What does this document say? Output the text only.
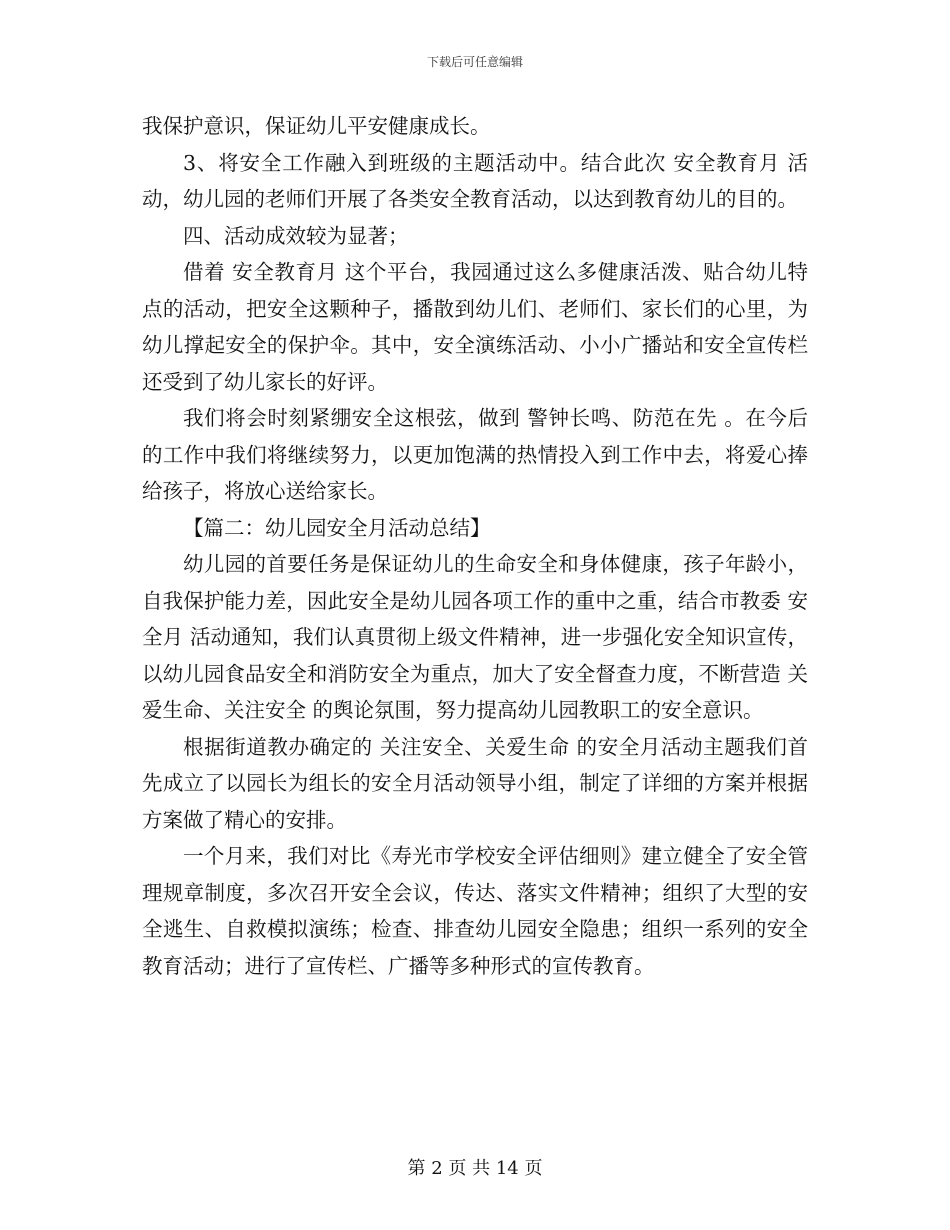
下载后可任意编辑

我保护意识，保证幼儿平安健康成长。

3、将安全工作融入到班级的主题活动中。结合此次 安全教育月 活动，幼儿园的老师们开展了各类安全教育活动，以达到教育幼儿的目的。

四、活动成效较为显著；

借着 安全教育月 这个平台，我园通过这么多健康活泼、贴合幼儿特点的活动，把安全这颗种子，播散到幼儿们、老师们、家长们的心里，为幼儿撑起安全的保护伞。其中，安全演练活动、小小广播站和安全宣传栏还受到了幼儿家长的好评。

我们将会时刻紧绷安全这根弦，做到 警钟长鸣、防范在先 。在今后的工作中我们将继续努力，以更加饱满的热情投入到工作中去，将爱心捧给孩子，将放心送给家长。

【篇二：幼儿园安全月活动总结】

幼儿园的首要任务是保证幼儿的生命安全和身体健康，孩子年龄小，自我保护能力差，因此安全是幼儿园各项工作的重中之重，结合市教委 安全月 活动通知，我们认真贯彻上级文件精神，进一步强化安全知识宣传，以幼儿园食品安全和消防安全为重点，加大了安全督查力度，不断营造 关爱生命、关注安全 的舆论氛围，努力提高幼儿园教职工的安全意识。

根据街道教办确定的 关注安全、关爱生命 的安全月活动主题我们首先成立了以园长为组长的安全月活动领导小组，制定了详细的方案并根据方案做了精心的安排。

一个月来，我们对比《寿光市学校安全评估细则》建立健全了安全管理规章制度，多次召开安全会议，传达、落实文件精神；组织了大型的安全逃生、自救模拟演练；检查、排查幼儿园安全隐患；组织一系列的安全教育活动；进行了宣传栏、广播等多种形式的宣传教育。

第 2 页 共 14 页
